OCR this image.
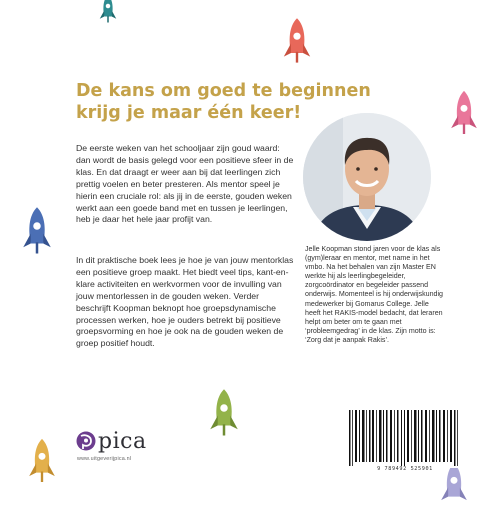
De kans om goed te beginnen
krijg je maar één keer!

De eerste weken van het schooljaar zijn goud waard: dan wordt de basis gelegd voor een positieve sfeer in de klas. En dat draagt er weer aan bij dat leerlingen zich prettig voelen en beter presteren. Als mentor speel je hierin een cruciale rol: als jij in de eerste, gouden weken werkt aan een goede band met en tussen je leerlingen, heb je daar het hele jaar profijt van.

In dit praktische boek lees je hoe je van jouw mentorklas een positieve groep maakt. Het biedt veel tips, kant-en-klare activiteiten en werkvormen voor de invulling van jouw mentorlessen in de gouden weken. Verder beschrijft Koopman beknopt hoe groepsdynamische processen werken, hoe je ouders betrekt bij positieve groepsvorming en hoe je ook na de gouden weken de groep positief houdt.

Jelle Koopman stond jaren voor de klas als (gym)leraar en mentor, met name in het vmbo. Na het behalen van zijn Master EN werkte hij als leerlingbegeleider, zorgcoördinator en begeleider passend onderwijs. Momenteel is hij onderwijskundig medewerker bij Gomarus College. Jelle heeft het RAKIS-model bedacht, dat leraren helpt om beter om te gaan met ‘probleemgedrag’ in de klas. Zijn motto is: ‘Zorg dat je aanpak Rakis’.

9 789492 525901
pica
www.uitgeverijpica.nl
